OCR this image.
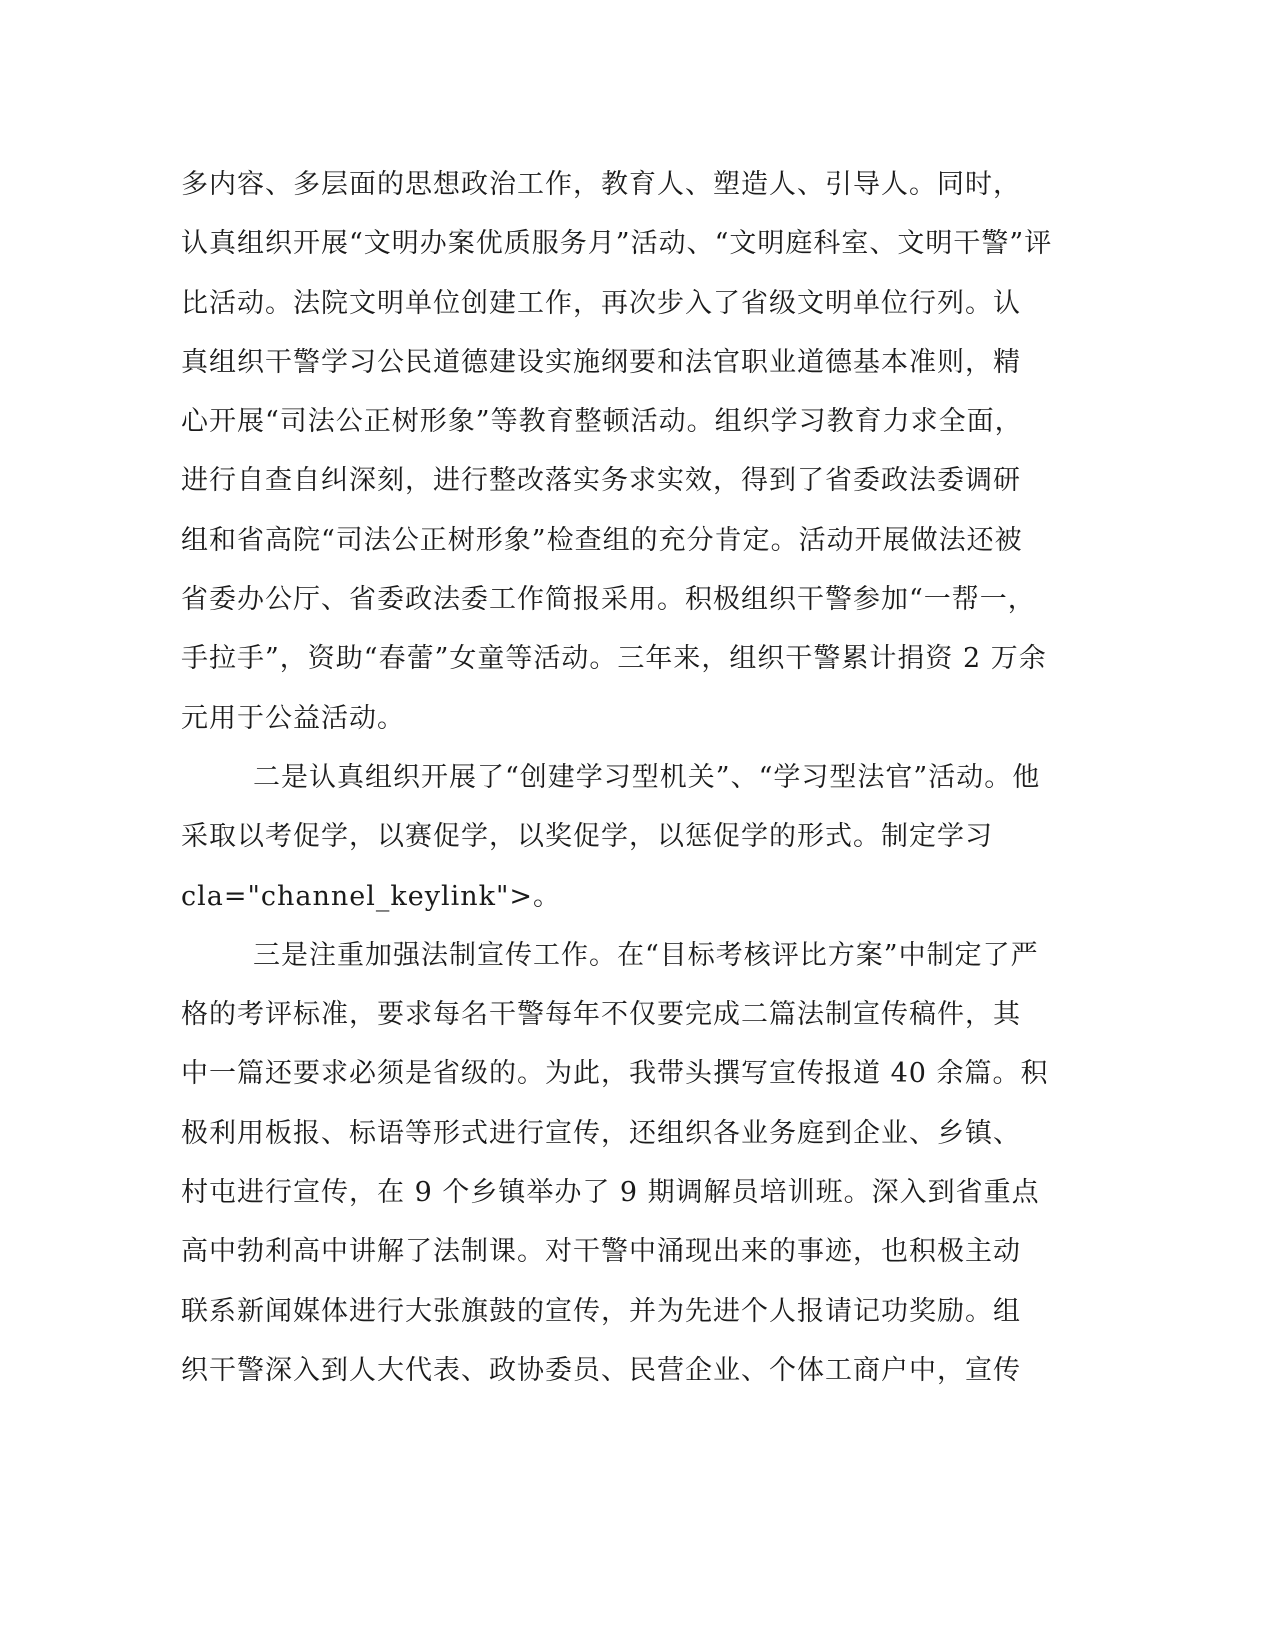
多内容、多层面的思想政治工作，教育人、塑造人、引导人。同时，
认真组织开展“文明办案优质服务月”活动、“文明庭科室、文明干警”评
比活动。法院文明单位创建工作，再次步入了省级文明单位行列。认
真组织干警学习公民道德建设实施纲要和法官职业道德基本准则，精
心开展“司法公正树形象”等教育整顿活动。组织学习教育力求全面，
进行自查自纠深刻，进行整改落实务求实效，得到了省委政法委调研
组和省高院“司法公正树形象”检查组的充分肯定。活动开展做法还被
省委办公厅、省委政法委工作简报采用。积极组织干警参加“一帮一，
手拉手”，资助“春蕾”女童等活动。三年来，组织干警累计捐资 2 万余
元用于公益活动。
二是认真组织开展了“创建学习型机关”、“学习型法官”活动。他
采取以考促学，以赛促学，以奖促学，以惩促学的形式。制定学习
cla="channel_keylink">。
三是注重加强法制宣传工作。在“目标考核评比方案”中制定了严
格的考评标准，要求每名干警每年不仅要完成二篇法制宣传稿件，其
中一篇还要求必须是省级的。为此，我带头撰写宣传报道 40 余篇。积
极利用板报、标语等形式进行宣传，还组织各业务庭到企业、乡镇、
村屯进行宣传，在 9 个乡镇举办了 9 期调解员培训班。深入到省重点
高中勃利高中讲解了法制课。对干警中涌现出来的事迹，也积极主动
联系新闻媒体进行大张旗鼓的宣传，并为先进个人报请记功奖励。组
织干警深入到人大代表、政协委员、民营企业、个体工商户中，宣传
